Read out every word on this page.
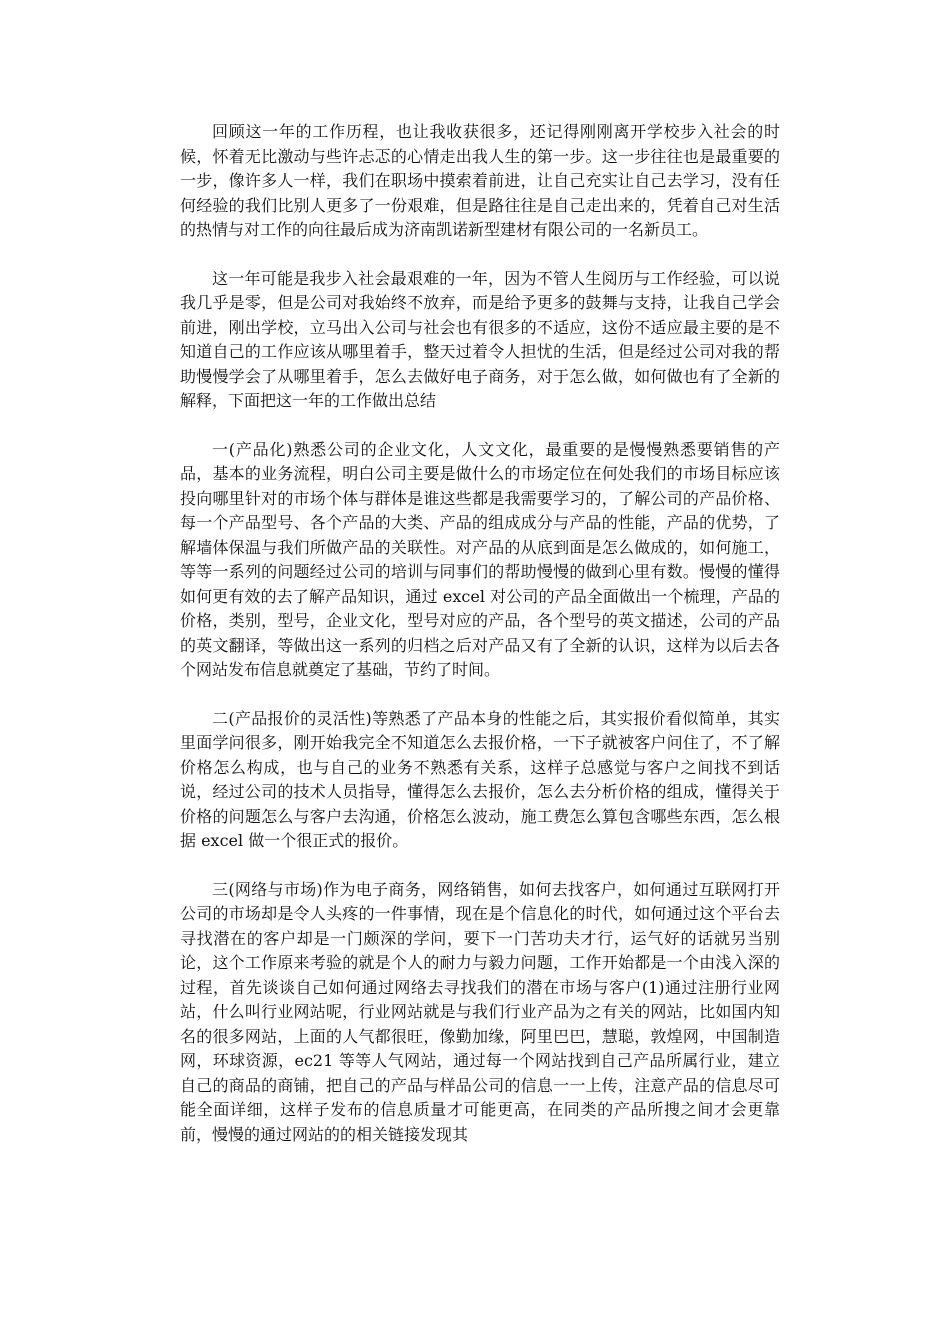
回顾这一年的工作历程，也让我收获很多，还记得刚刚离开学校步入社会的时候，怀着无比激动与些许忐忑的心情走出我人生的第一步。这一步往往也是最重要的一步，像许多人一样，我们在职场中摸索着前进，让自己充实让自己去学习，没有任何经验的我们比别人更多了一份艰难，但是路往往是自己走出来的，凭着自己对生活的热情与对工作的向往最后成为济南凯诺新型建材有限公司的一名新员工。

这一年可能是我步入社会最艰难的一年，因为不管人生阅历与工作经验，可以说我几乎是零，但是公司对我始终不放弃，而是给予更多的鼓舞与支持，让我自己学会前进，刚出学校，立马出入公司与社会也有很多的不适应，这份不适应最主要的是不知道自己的工作应该从哪里着手，整天过着令人担忧的生活，但是经过公司对我的帮助慢慢学会了从哪里着手，怎么去做好电子商务，对于怎么做，如何做也有了全新的解释，下面把这一年的工作做出总结

一(产品化)熟悉公司的企业文化，人文文化，最重要的是慢慢熟悉要销售的产品，基本的业务流程，明白公司主要是做什么的市场定位在何处我们的市场目标应该投向哪里针对的市场个体与群体是谁这些都是我需要学习的，了解公司的产品价格、每一个产品型号、各个产品的大类、产品的组成成分与产品的性能，产品的优势，了解墙体保温与我们所做产品的关联性。对产品的从底到面是怎么做成的，如何施工，等等一系列的问题经过公司的培训与同事们的帮助慢慢的做到心里有数。慢慢的懂得如何更有效的去了解产品知识，通过 excel 对公司的产品全面做出一个梳理，产品的价格，类别，型号，企业文化，型号对应的产品，各个型号的英文描述，公司的产品的英文翻译，等做出这一系列的归档之后对产品又有了全新的认识，这样为以后去各个网站发布信息就奠定了基础，节约了时间。

二(产品报价的灵活性)等熟悉了产品本身的性能之后，其实报价看似简单，其实里面学问很多，刚开始我完全不知道怎么去报价格，一下子就被客户问住了，不了解价格怎么构成，也与自己的业务不熟悉有关系，这样子总感觉与客户之间找不到话说，经过公司的技术人员指导，懂得怎么去报价，怎么去分析价格的组成，懂得关于价格的问题怎么与客户去沟通，价格怎么波动，施工费怎么算包含哪些东西，怎么根据 excel 做一个很正式的报价。

三(网络与市场)作为电子商务，网络销售，如何去找客户，如何通过互联网打开公司的市场却是令人头疼的一件事情，现在是个信息化的时代，如何通过这个平台去寻找潜在的客户却是一门颇深的学问，要下一门苦功夫才行，运气好的话就另当别论，这个工作原来考验的就是个人的耐力与毅力问题，工作开始都是一个由浅入深的过程，首先谈谈自己如何通过网络去寻找我们的潜在市场与客户(1)通过注册行业网站，什么叫行业网站呢，行业网站就是与我们行业产品为之有关的网站，比如国内知名的很多网站，上面的人气都很旺，像勤加缘，阿里巴巴，慧聪，敦煌网，中国制造网，环球资源，ec21 等等人气网站，通过每一个网站找到自己产品所属行业，建立自己的商品的商铺，把自己的产品与样品公司的信息一一上传，注意产品的信息尽可能全面详细，这样子发布的信息质量才可能更高，在同类的产品所搜之间才会更靠前，慢慢的通过网站的的相关链接发现其
